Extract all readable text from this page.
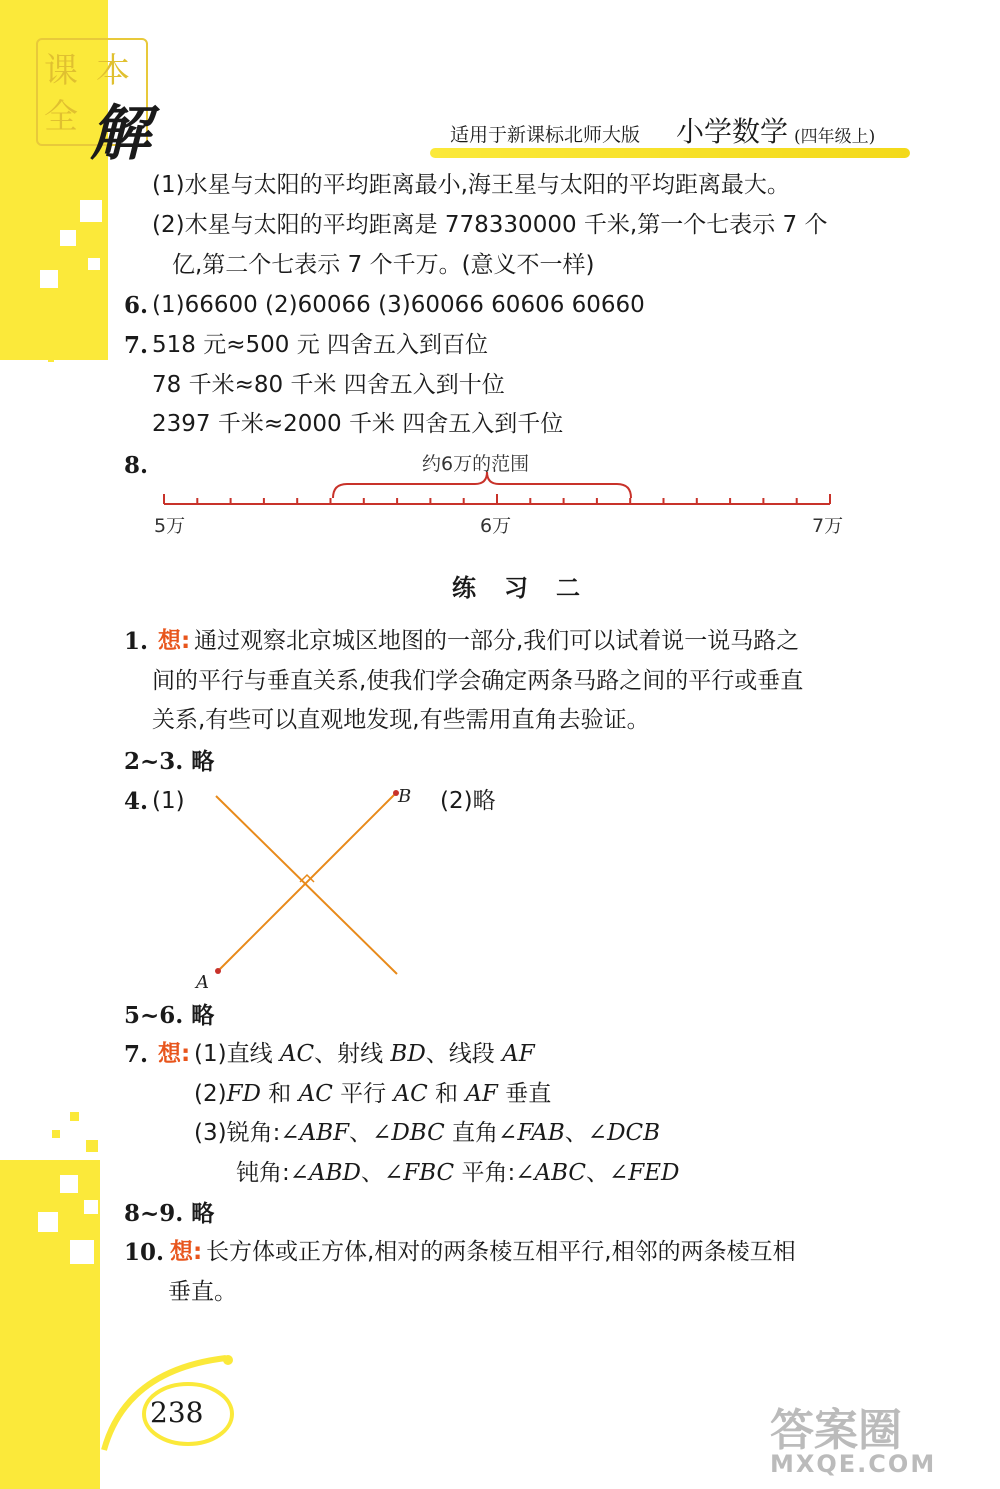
课 本
全 解	适用于新课标北师大版 小学数学 (四年级上)
(1)水星与太阳的平均距离最小,海王星与太阳的平均距离最大。
(2)木星与太阳的平均距离是 778330000 千米,第一个七表示 7 个
亿,第二个七表示 7 个千万。(意义不一样)
6. (1)66600 (2)60066 (3)60066 60606 60660
7. 518 元≈500 元 四舍五入到百位
78 千米≈80 千米 四舍五入到十位
2397 千米≈2000 千米 四舍五入到千位
8.	约6万的范围
5万	6万	7万
练习二
1. 想: 通过观察北京城区地图的一部分,我们可以试着说一说马路之
间的平行与垂直关系,使我们学会确定两条马路之间的平行或垂直
关系,有些可以直观地发现,有些需用直角去验证。
2~3. 略
4. (1)	(2)略
A
B
5~6. 略
7. 想: (1)直线 AC、射线 BD、线段 AF
(2)FD 和 AC 平行 AC 和 AF 垂直
(3)锐角:∠ABF、∠DBC 直角∠FAB、∠DCB
钝角:∠ABD、∠FBC 平角:∠ABC、∠FED
8~9. 略
10. 想: 长方体或正方体,相对的两条棱互相平行,相邻的两条棱互相
垂直。
238	答案圈
MXQE.COM
